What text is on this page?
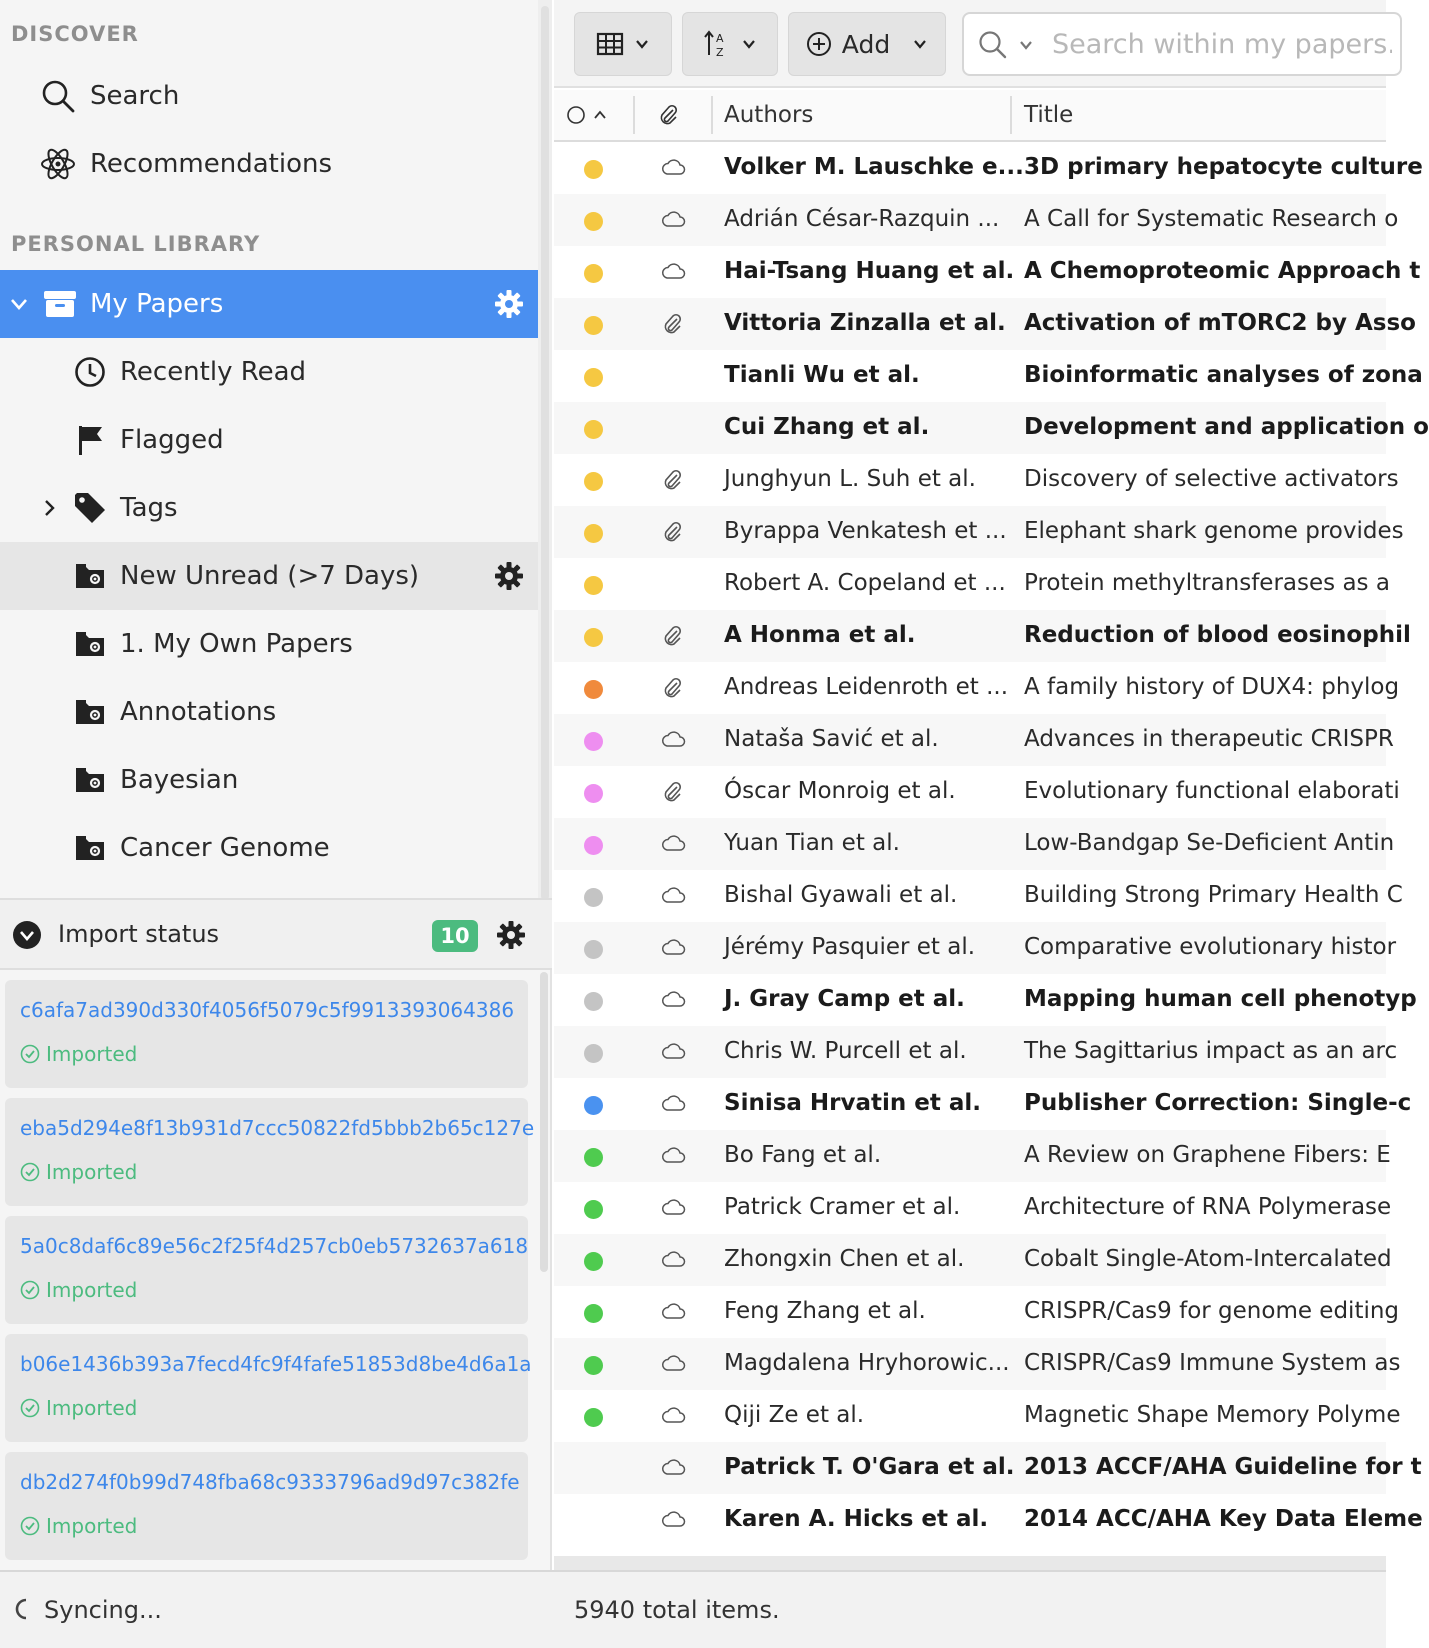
DISCOVER
Search
Recommendations
PERSONAL LIBRARY
My Papers
Recently Read
Flagged
Tags
New Unread (>7 Days)
1. My Own Papers
Annotations
Bayesian
Cancer Genome
Import status	10
c6afa7ad390d330f4056f5079c5f9913393064386
Imported
eba5d294e8f13b931d7ccc50822fd5bbb2b65c127e
Imported
5a0c8daf6c89e56c2f25f4d257cb0eb5732637a618
Imported
b06e1436b393a7fecd4fc9f4fafe51853d8be4d6a1a
Imported
db2d274f0b99d748fba68c9333796ad9d97c382fe
Imported
A
Z	Add
Search within my papers...
Authors	Title
Volker M. Lauschke e... 3D primary hepatocyte culture
Adrián César-Razquin ... A Call for Systematic Research o
Hai-Tsang Huang et al. A Chemoproteomic Approach t
Vittoria Zinzalla et al. Activation of mTORC2 by Asso
Tianli Wu et al.	Bioinformatic analyses of zona
Cui Zhang et al.	Development and application o
Junghyun L. Suh et al.	Discovery of selective activators
Byrappa Venkatesh et ... Elephant shark genome provides
Robert A. Copeland et ... Protein methyltransferases as a
A Honma et al.	Reduction of blood eosinophil
Andreas Leidenroth et ... A family history of DUX4: phylog
Nataša Savić et al.	Advances in therapeutic CRISPR
Óscar Monroig et al.	Evolutionary functional elaborati
Yuan Tian et al.	Low-Bandgap Se-Deficient Antin
Bishal Gyawali et al.	Building Strong Primary Health C
Jérémy Pasquier et al.	Comparative evolutionary histor
J. Gray Camp et al.	Mapping human cell phenotyp
Chris W. Purcell et al.	The Sagittarius impact as an arc
Sinisa Hrvatin et al.	Publisher Correction: Single-c
Bo Fang et al.	A Review on Graphene Fibers: E
Patrick Cramer et al.	Architecture of RNA Polymerase
Zhongxin Chen et al.	Cobalt Single-Atom-Intercalated
Feng Zhang et al.	CRISPR/Cas9 for genome editing
Magdalena Hryhorowic... CRISPR/Cas9 Immune System as
Qiji Ze et al.	Magnetic Shape Memory Polyme
Patrick T. O'Gara et al. 2013 ACCF/AHA Guideline for t
Karen A. Hicks et al.	2014 ACC/AHA Key Data Eleme
Syncing...	5940 total items.
